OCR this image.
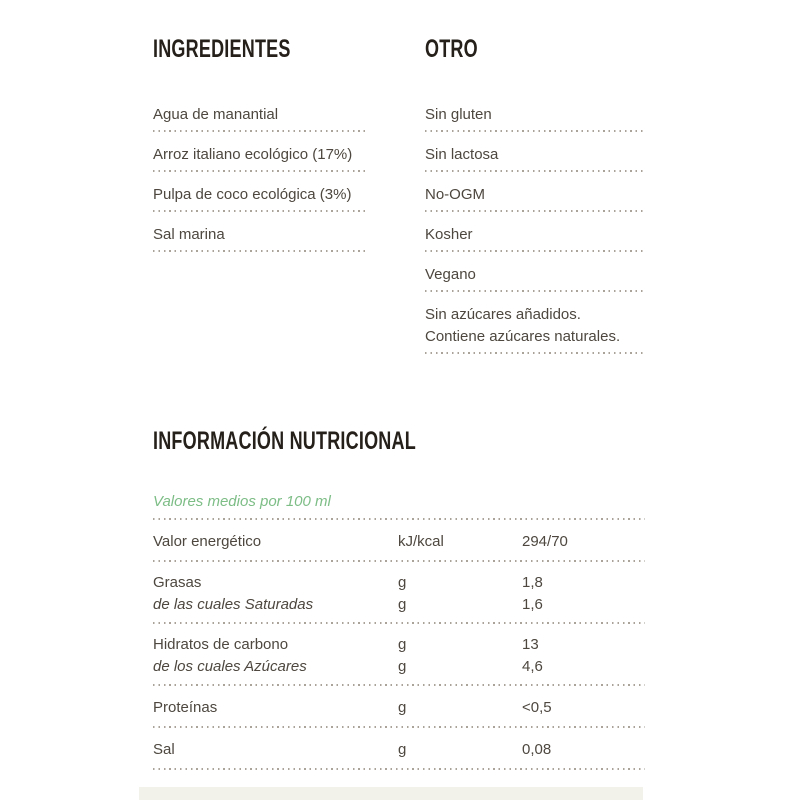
INGREDIENTES
Agua de manantial
Arroz italiano ecológico (17%)
Pulpa de coco ecológica (3%)
Sal marina
OTRO
Sin gluten
Sin lactosa
No-OGM
Kosher
Vegano
Sin azúcares añadidos. Contiene azúcares naturales.
INFORMACIÓN NUTRICIONAL
Valores medios por 100 ml
Valor energético	kJ/kcal	294/70
Grasas	g	1,8
de las cuales Saturadas	g	1,6
Hidratos de carbono	g	13
de los cuales Azúcares	g	4,6
Proteínas	g	<0,5
Sal	g	0,08
